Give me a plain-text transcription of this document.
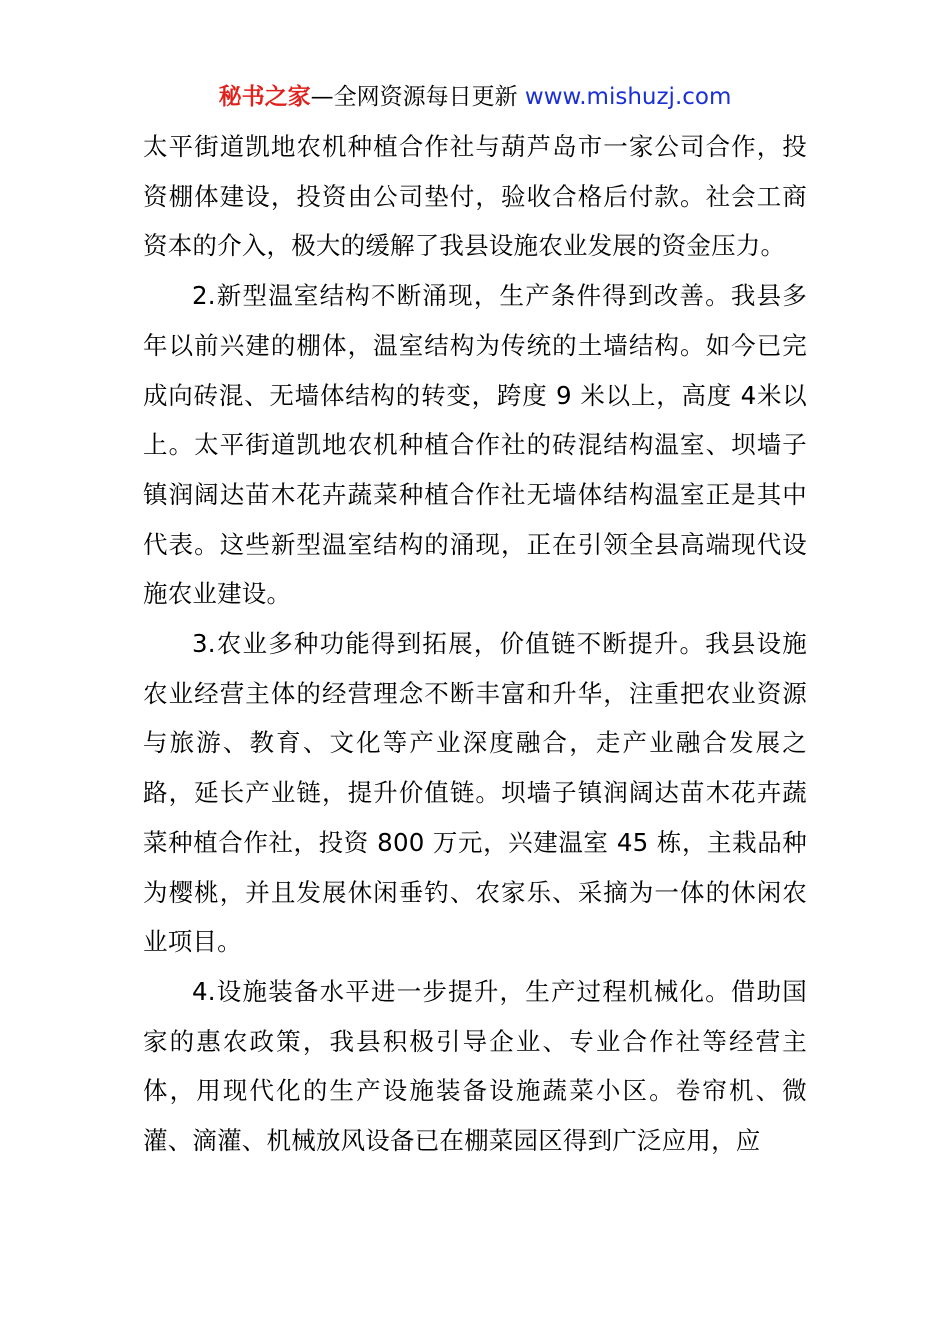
秘书之家—全网资源每日更新 www.mishuzj.com

太平街道凯地农机种植合作社与葫芦岛市一家公司合作，投资棚体建设，投资由公司垫付，验收合格后付款。社会工商资本的介入，极大的缓解了我县设施农业发展的资金压力。

2.新型温室结构不断涌现，生产条件得到改善。我县多年以前兴建的棚体，温室结构为传统的土墙结构。如今已完成向砖混、无墙体结构的转变，跨度 9 米以上，高度 4米以上。太平街道凯地农机种植合作社的砖混结构温室、坝墙子镇润阔达苗木花卉蔬菜种植合作社无墙体结构温室正是其中代表。这些新型温室结构的涌现，正在引领全县高端现代设施农业建设。

3.农业多种功能得到拓展，价值链不断提升。我县设施农业经营主体的经营理念不断丰富和升华，注重把农业资源与旅游、教育、文化等产业深度融合，走产业融合发展之路，延长产业链，提升价值链。坝墙子镇润阔达苗木花卉蔬菜种植合作社，投资 800 万元，兴建温室 45 栋，主栽品种为樱桃，并且发展休闲垂钓、农家乐、采摘为一体的休闲农业项目。

4.设施装备水平进一步提升，生产过程机械化。借助国家的惠农政策，我县积极引导企业、专业合作社等经营主体，用现代化的生产设施装备设施蔬菜小区。卷帘机、微灌、滴灌、机械放风设备已在棚菜园区得到广泛应用，应
